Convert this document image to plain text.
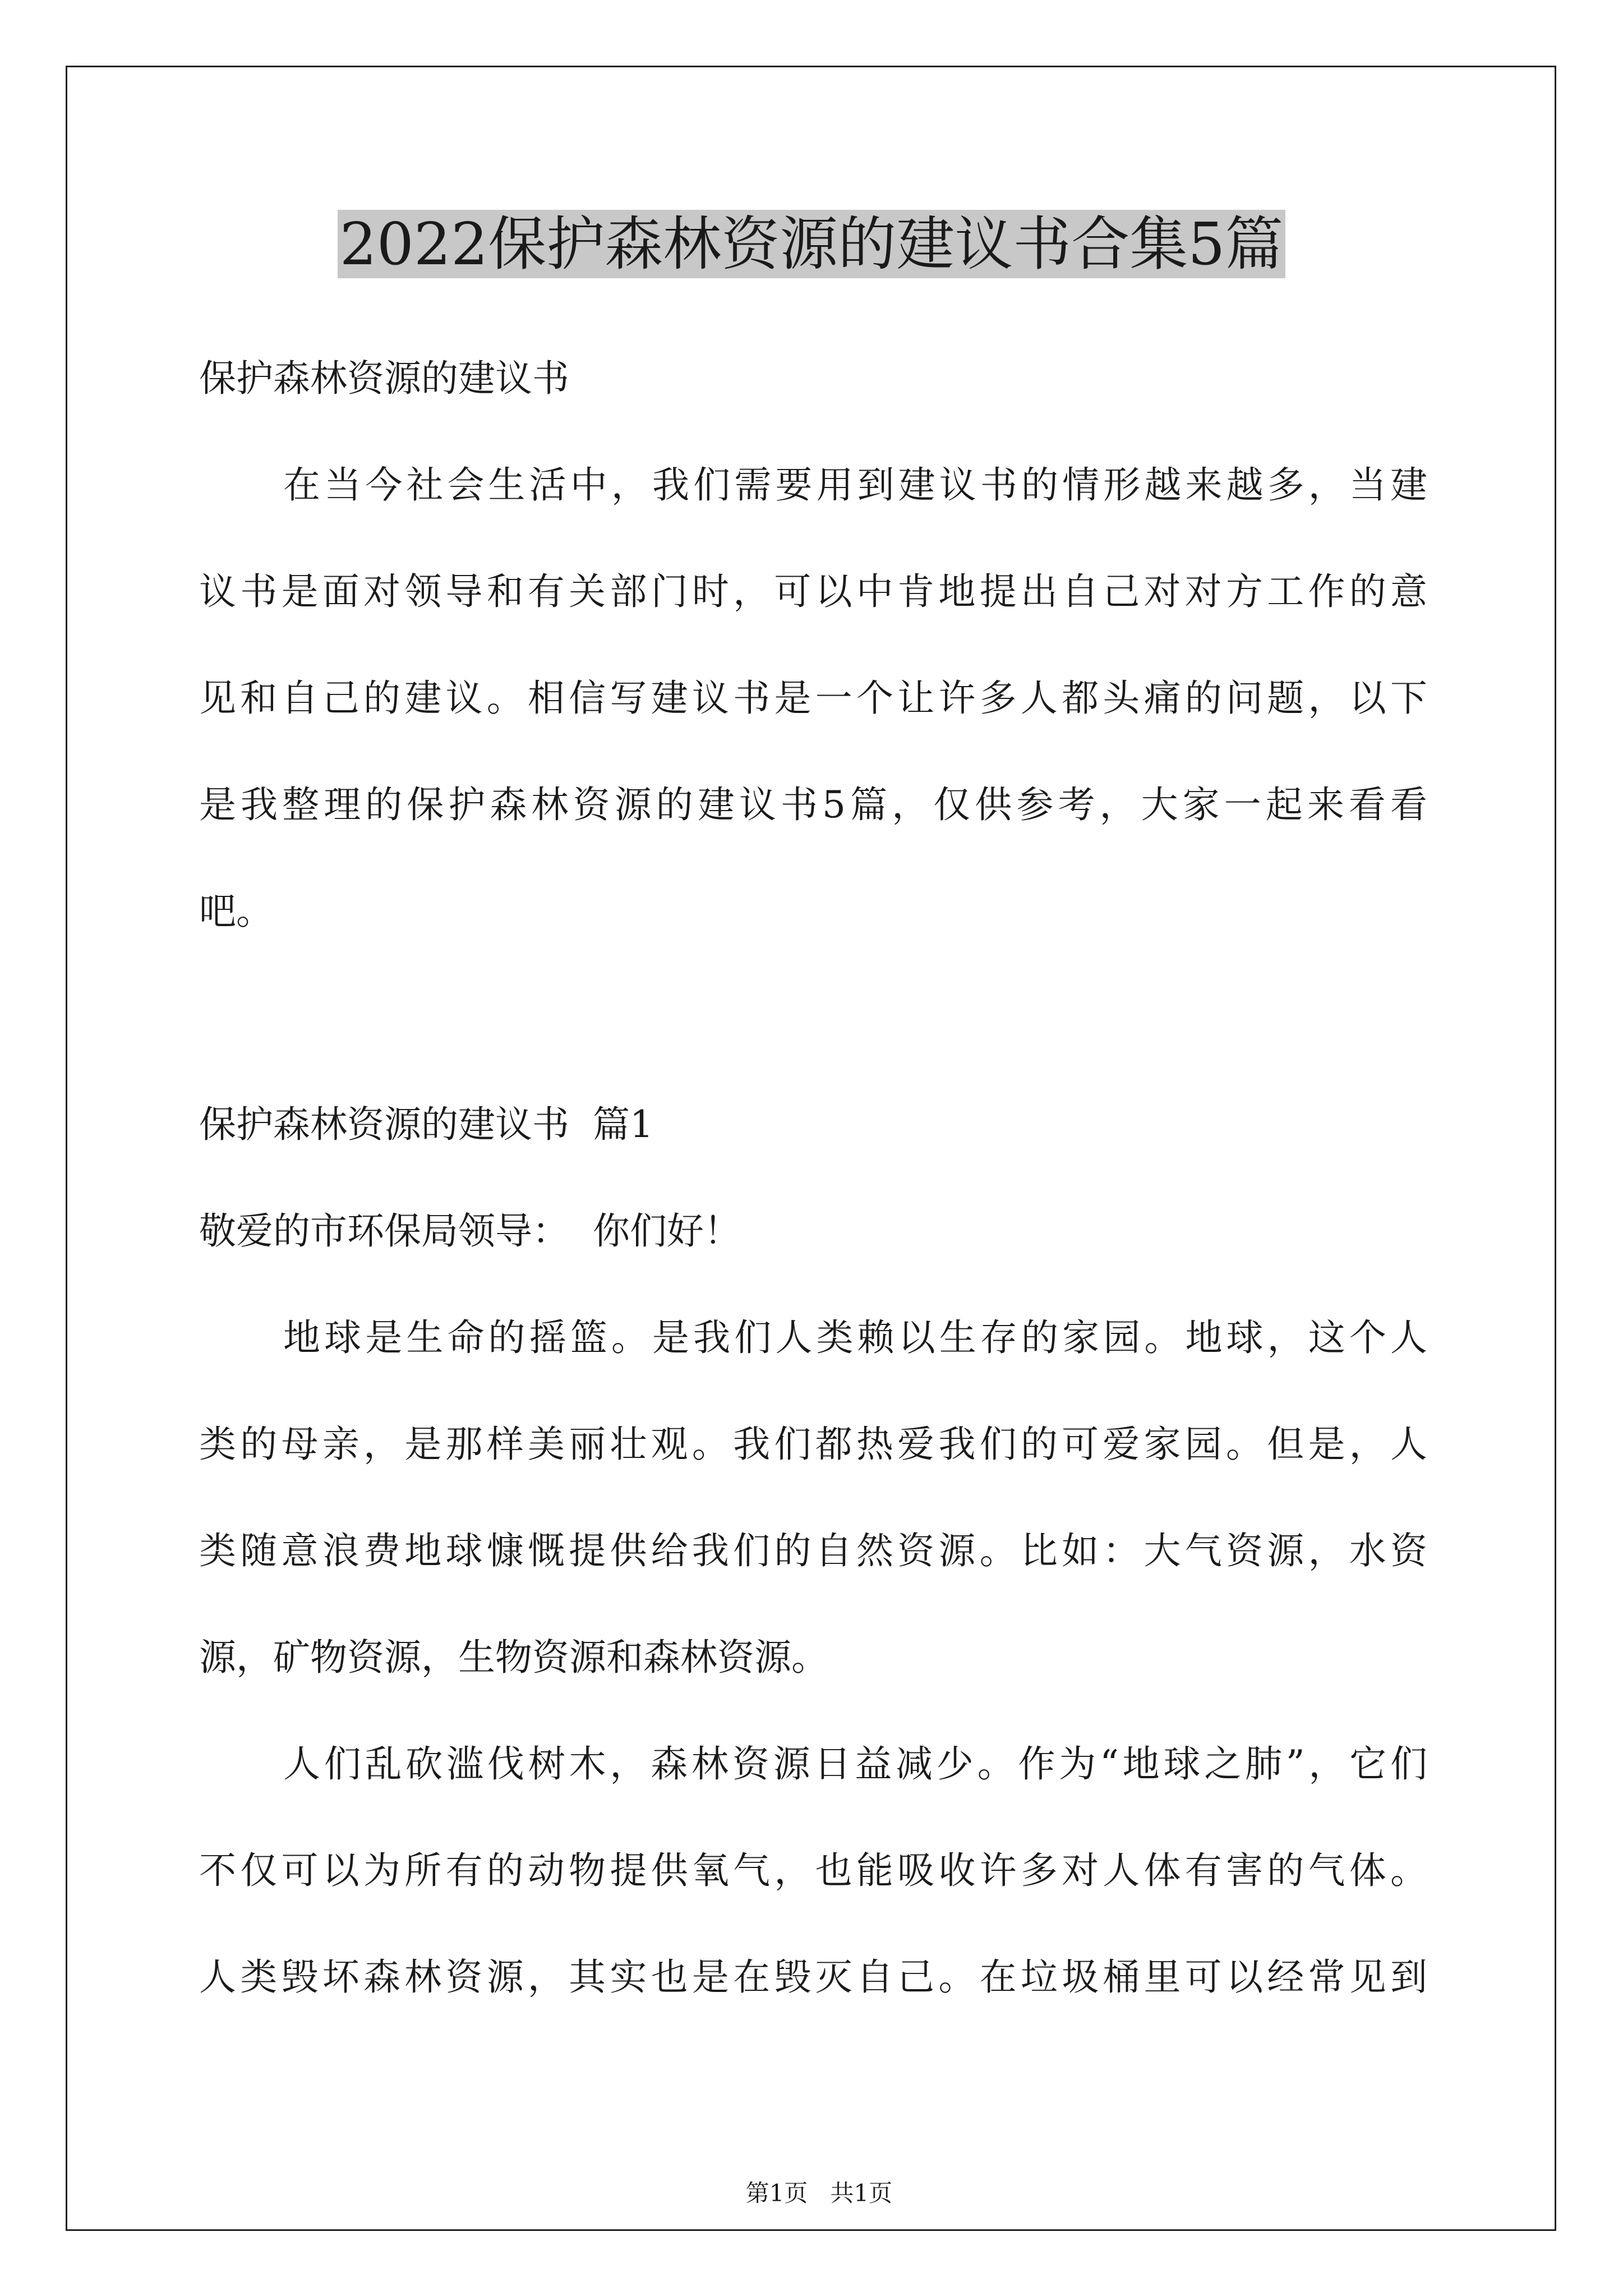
2022保护森林资源的建议书合集5篇

保护森林资源的建议书

在当今社会生活中，我们需要用到建议书的情形越来越多，当建

议书是面对领导和有关部门时，可以中肯地提出自己对对方工作的意

见和自己的建议。相信写建议书是一个让许多人都头痛的问题，以下

是我整理的保护森林资源的建议书5篇，仅供参考，大家一起来看看

吧。

保护森林资源的建议书  篇1

敬爱的市环保局领导：  你们好！

地球是生命的摇篮。是我们人类赖以生存的家园。地球，这个人

类的母亲，是那样美丽壮观。我们都热爱我们的可爱家园。但是，人

类随意浪费地球慷慨提供给我们的自然资源。比如：大气资源，水资

源，矿物资源，生物资源和森林资源。

人们乱砍滥伐树木，森林资源日益减少。作为“地球之肺”，它们

不仅可以为所有的动物提供氧气，也能吸收许多对人体有害的气体。

人类毁坏森林资源，其实也是在毁灭自己。在垃圾桶里可以经常见到

第1页   共1页
